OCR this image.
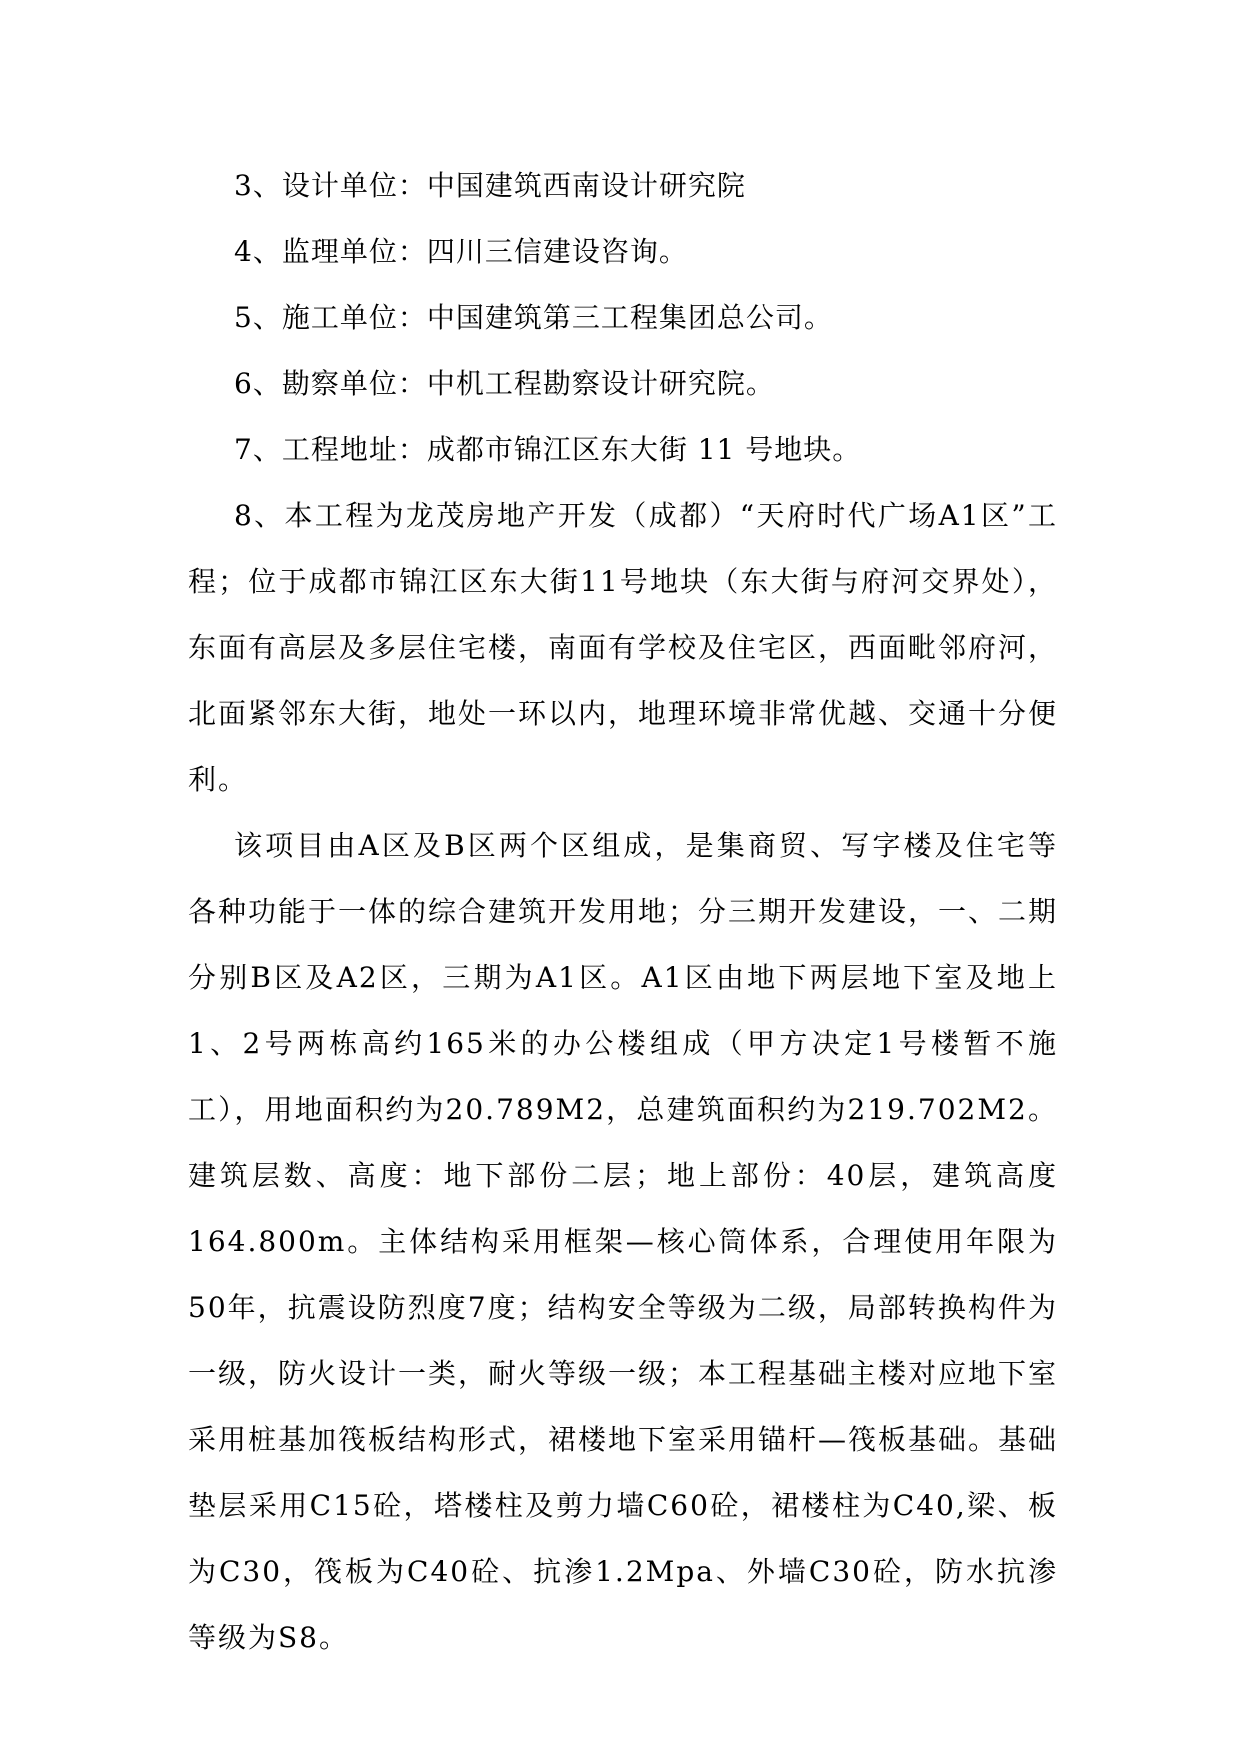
3、设计单位：中国建筑西南设计研究院

4、监理单位：四川三信建设咨询。

5、施工单位：中国建筑第三工程集团总公司。

6、勘察单位：中机工程勘察设计研究院。

7、工程地址：成都市锦江区东大街 11 号地块。

8、本工程为龙茂房地产开发（成都）“天府时代广场A1区”工程；位于成都市锦江区东大街11号地块（东大街与府河交界处），东面有高层及多层住宅楼，南面有学校及住宅区，西面毗邻府河，北面紧邻东大街，地处一环以内，地理环境非常优越、交通十分便利。

该项目由A区及B区两个区组成，是集商贸、写字楼及住宅等各种功能于一体的综合建筑开发用地；分三期开发建设，一、二期分别B区及A2区，三期为A1区。A1区由地下两层地下室及地上1、2号两栋高约165米的办公楼组成（甲方决定1号楼暂不施工），用地面积约为20.789M2，总建筑面积约为219.702M2。建筑层数、高度：地下部份二层；地上部份：40层，建筑高度164.800m。主体结构采用框架—核心筒体系，合理使用年限为50年，抗震设防烈度7度；结构安全等级为二级，局部转换构件为一级，防火设计一类，耐火等级一级；本工程基础主楼对应地下室采用桩基加筏板结构形式，裙楼地下室采用锚杆—筏板基础。基础垫层采用C15砼，塔楼柱及剪力墙C60砼，裙楼柱为C40,梁、板为C30，筏板为C40砼、抗渗1.2Mpa、外墙C30砼，防水抗渗等级为S8。
